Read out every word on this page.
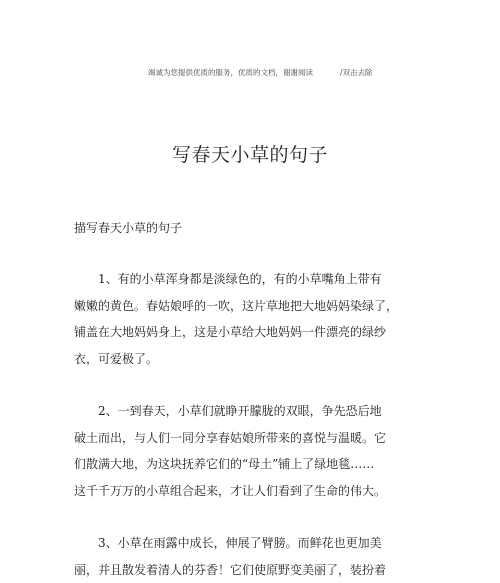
竭诚为您提供优质的服务，优质的文档，谢谢阅读	/双击去除
写春天小草的句子
描写春天小草的句子
　　1、有的小草浑身都是淡绿色的，有的小草嘴角上带有
嫩嫩的黄色。春姑娘呼的一吹，这片草地把大地妈妈染绿了，
铺盖在大地妈妈身上，这是小草给大地妈妈一件漂亮的绿纱
衣，可爱极了。
　　2、一到春天，小草们就睁开朦胧的双眼，争先恐后地
破土而出，与人们一同分享春姑娘所带来的喜悦与温暖。它
们散满大地，为这块抚养它们的“母土”铺上了绿地毯……
这千千万万的小草组合起来，才让人们看到了生命的伟大。
　　3、小草在雨露中成长，伸展了臂膀。而鲜花也更加美
丽，并且散发着清人的芬香！它们使原野变美丽了，装扮着
